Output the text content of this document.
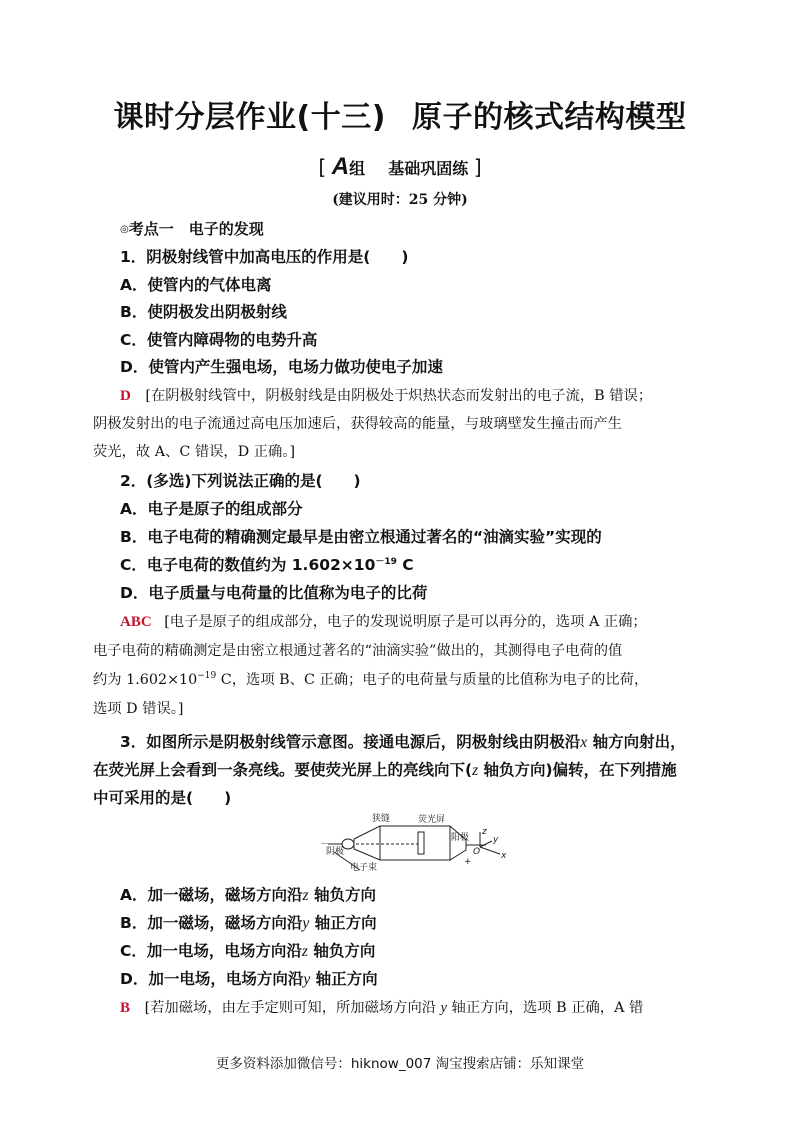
课时分层作业(十三) 原子的核式结构模型
[ A组 基础巩固练 ]
(建议用时：25 分钟)
◎考点一　电子的发现
1．阴极射线管中加高电压的作用是(　　)
A．使管内的气体电离
B．使阴极发出阴极射线
C．使管内障碍物的电势升高
D．使管内产生强电场，电场力做功使电子加速
D [在阴极射线管中，阴极射线是由阴极处于炽热状态而发射出的电子流，B 错误；
阴极发射出的电子流通过高电压加速后，获得较高的能量，与玻璃壁发生撞击而产生
荧光，故 A、C 错误，D 正确。]
2．(多选)下列说法正确的是(　　)
A．电子是原子的组成部分
B．电子电荷的精确测定最早是由密立根通过著名的“油滴实验”实现的
C．电子电荷的数值约为 $1.602\times 10^{-19}$ C
D．电子质量与电荷量的比值称为电子的比荷
ABC [电子是原子的组成部分，电子的发现说明原子是可以再分的，选项 A 正确；
电子电荷的精确测定是由密立根通过著名的“油滴实验”做出的，其测得电子电荷的值
约为 $1.602\times 10^{-19}$ C，选项 B、C 正确；电子的电荷量与质量的比值称为电子的比荷，
选项 D 错误。]
3．如图所示是阴极射线管示意图。接通电源后，阴极射线由阴极沿x 轴方向射出，
在荧光屏上会看到一条亮线。要使荧光屏上的亮线向下(z 轴负方向)偏转，在下列措施
中可采用的是(　　)
狭缝	荧光屏
阴极
阳极
电子束
－
+
z
y
x
O
A．加一磁场，磁场方向沿z 轴负方向
B．加一磁场，磁场方向沿y 轴正方向
C．加一电场，电场方向沿z 轴负方向
D．加一电场，电场方向沿y 轴正方向
B [若加磁场，由左手定则可知，所加磁场方向沿 y 轴正方向，选项 B 正确，A 错
更多资料添加微信号：hiknow_007 淘宝搜索店铺：乐知课堂
